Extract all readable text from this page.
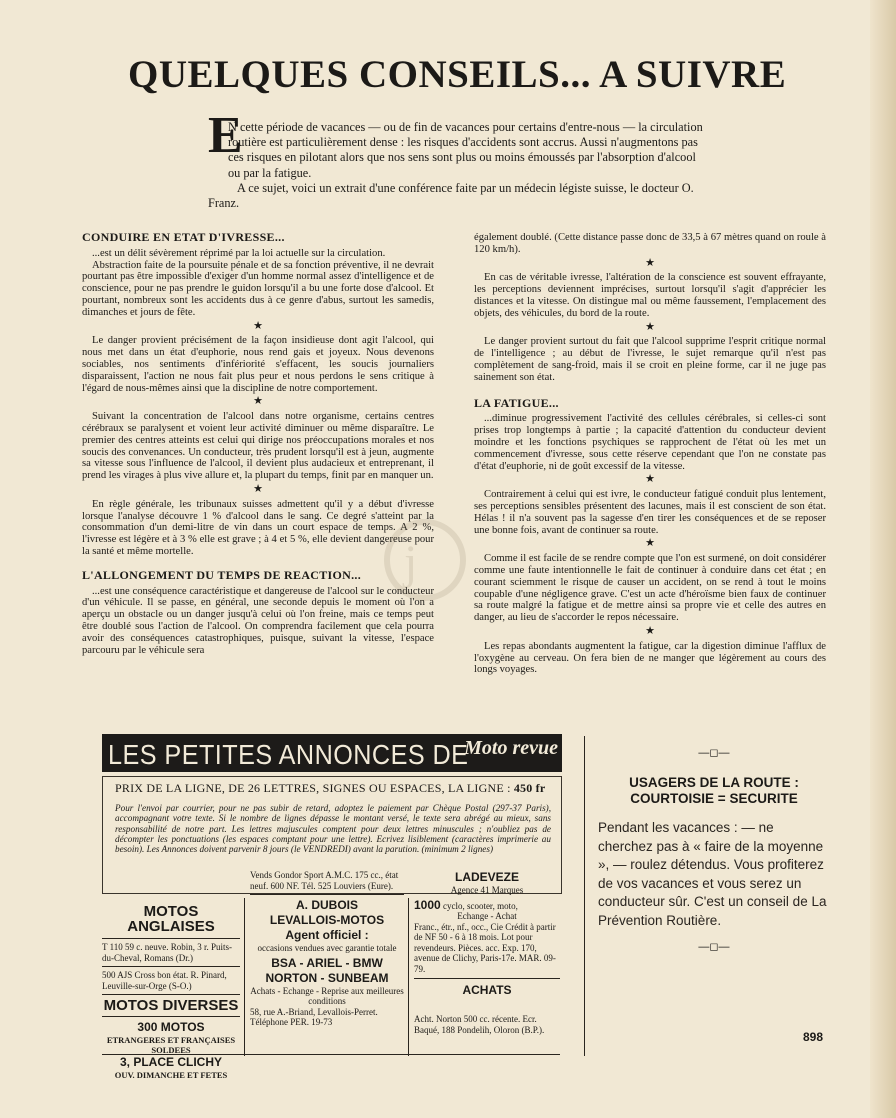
QUELQUES CONSEILS... A SUIVRE
E

N cette période de vacances — ou de fin de vacances pour certains d'entre-nous — la circulation routière est particulièrement dense : les risques d'accidents sont accrus. Aussi n'augmentons pas ces risques en pilotant alors que nos sens sont plus ou moins émoussés par l'absorption d'alcool ou par la fatigue.

A ce sujet, voici un extrait d'une conférence faite par un médecin légiste suisse, le docteur O. Franz.

CONDUIRE EN ETAT D'IVRESSE...

...est un délit sévèrement réprimé par la loi actuelle sur la circulation.

Abstraction faite de la poursuite pénale et de sa fonction préventive, il ne devrait pourtant pas être impossible d'exiger d'un homme normal assez d'intelligence et de conscience, pour ne pas prendre le guidon lorsqu'il a bu une forte dose d'alcool. Et pourtant, nombreux sont les accidents dus à ce genre d'abus, surtout les samedis, dimanches et jours de fête.

★

Le danger provient précisément de la façon insidieuse dont agit l'alcool, qui nous met dans un état d'euphorie, nous rend gais et joyeux. Nous devenons sociables, nos sentiments d'infériorité s'effacent, les soucis journaliers disparaissent, l'action ne nous fait plus peur et nous perdons le sens critique à l'égard de nous-mêmes ainsi que la discipline de notre comportement.

★

Suivant la concentration de l'alcool dans notre organisme, certains centres cérébraux se paralysent et voient leur activité diminuer ou même disparaître. Le premier des centres atteints est celui qui dirige nos préoccupations morales et nos soucis des convenances. Un conducteur, très prudent lorsqu'il est à jeun, augmente sa vitesse sous l'influence de l'alcool, il devient plus audacieux et entreprenant, il prend les virages à plus vive allure et, la plupart du temps, finit par en manquer un.

★

En règle générale, les tribunaux suisses admettent qu'il y a début d'ivresse lorsque l'analyse découvre 1 % d'alcool dans le sang. Ce degré s'atteint par la consommation d'un demi-litre de vin dans un court espace de temps. A 2 %, l'ivresse est légère et à 3 % elle est grave ; à 4 et 5 %, elle devient dangereuse pour la santé et même mortelle.

L'ALLONGEMENT DU TEMPS DE REACTION...

...est une conséquence caractéristique et dangereuse de l'alcool sur le conducteur d'un véhicule. Il se passe, en général, une seconde depuis le moment où l'on a aperçu un obstacle ou un danger jusqu'à celui où l'on freine, mais ce temps peut être doublé sous l'action de l'alcool. On comprendra facilement que cela pourra avoir des conséquences catastrophiques, puisque, suivant la vitesse, l'espace parcouru par le véhicule sera

également doublé. (Cette distance passe donc de 33,5 à 67 mètres quand on roule à 120 km/h).

★

En cas de véritable ivresse, l'altération de la conscience est souvent effrayante, les perceptions deviennent imprécises, surtout lorsqu'il s'agit d'apprécier les distances et la vitesse. On distingue mal ou même faussement, l'emplacement des objets, des véhicules, du bord de la route.

★

Le danger provient surtout du fait que l'alcool supprime l'esprit critique normal de l'intelligence ; au début de l'ivresse, le sujet remarque qu'il n'est pas complètement de sang-froid, mais il se croit en pleine forme, car il ne juge pas sainement son état.

LA FATIGUE...

...diminue progressivement l'activité des cellules cérébrales, si celles-ci sont prises trop longtemps à partie ; la capacité d'attention du conducteur devient moindre et les fonctions psychiques se rapprochent de l'état où les met un commencement d'ivresse, sous cette réserve cependant que l'on ne constate pas d'état d'euphorie, ni de goût excessif de la vitesse.

★

Contrairement à celui qui est ivre, le conducteur fatigué conduit plus lentement, ses perceptions sensibles présentent des lacunes, mais il est conscient de son état. Hélas ! il n'a souvent pas la sagesse d'en tirer les conséquences et de se reposer une bonne fois, avant de continuer sa route.

★

Comme il est facile de se rendre compte que l'on est surmené, on doit considérer comme une faute intentionnelle le fait de continuer à conduire dans cet état ; en courant sciemment le risque de causer un accident, on se rend à tout le moins coupable d'une négligence grave. C'est un acte d'héroïsme bien faux de continuer sa route malgré la fatigue et de mettre ainsi sa propre vie et celle des autres en danger, au lieu de s'accorder le repos nécessaire.

★

Les repas abondants augmentent la fatigue, car la digestion diminue l'afflux de l'oxygène au cerveau. On fera bien de ne manger que légèrement au cours des longs voyages.

j
LES PETITES ANNONCES DE
Moto revue
PRIX DE LA LIGNE, DE 26 LETTRES, SIGNES OU ESPACES, LA LIGNE : 450 fr
Pour l'envoi par courrier, pour ne pas subir de retard, adoptez le paiement par Chèque Postal (297-37 Paris), accompagnant votre texte. Si le nombre de lignes dépasse le montant versé, le texte sera abrégé au mieux, sans responsabilité de notre part. Les lettres majuscules comptent pour deux lettres minuscules ; n'oubliez pas de décompter les ponctuations (les espaces comptant pour une lettre). Ecrivez lisiblement (caractères imprimerie au besoin). Les Annonces doivent parvenir 8 jours (le VENDREDI) avant la parution. (minimum 2 lignes)
MOTOS ANGLAISES
T 110 59 c. neuve. Robin, 3 r. Puits-du-Cheval, Romans (Dr.)
500 AJS Cross bon état. R. Pinard, Leuville-sur-Orge (S-O.)
MOTOS DIVERSES
300 MOTOS
ETRANGERES ET FRANÇAISES SOLDEES
3, PLACE CLICHY
OUV. DIMANCHE ET FETES
Vends Gondor Sport A.M.C. 175 cc., état neuf. 600 NF. Tél. 525 Louviers (Eure).
A. DUBOIS
LEVALLOIS-MOTOS
Agent officiel :
occasions vendues avec garantie totale
BSA - ARIEL - BMW
NORTON - SUNBEAM
Achats - Echange - Reprise aux meilleures conditions
58, rue A.-Briand, Levallois-Perret. Téléphone PER. 19-73
LADEVEZE
Agence 41 Marques
1000 cyclo, scooter, moto,
Echange - Achat
Franc., étr., nf., occ., Cie Crédit à partir de NF 50 - 6 à 18 mois. Lot pour revendeurs. Pièces. acc. Exp. 170, avenue de Clichy, Paris-17e. MAR. 09-79.
ACHATS
Acht. Norton 500 cc. récente. Ecr. Baqué, 188 Pondelih, Oloron (B.P.).
—◻—
USAGERS DE LA ROUTE : COURTOISIE = SECURITE
Pendant les vacances : — ne cherchez pas à « faire de la moyenne », — roulez détendus. Vous profiterez de vos vacances et vous serez un conducteur sûr. C'est un conseil de La Prévention Routière.
—◻—
898
